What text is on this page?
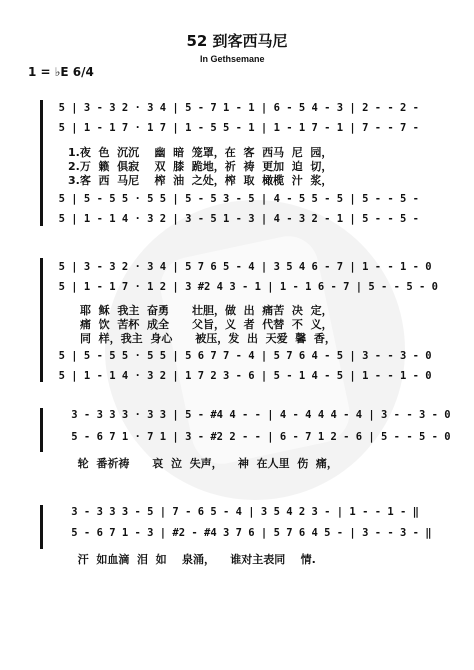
52 到客西马尼
In Gethsemane
1 = ♭E 6/4
5 | 3 - 3 2 · 3 4 | 5 - 7 1 - 1 | 6 - 5 4 - 3 | 2 - - 2 -
5 | 1 - 1 7 · 1 7 | 1 - 5 5 - 1 | 1 - 1 7 - 1 | 7 - - 7 -
1.夜  色  沉沉    幽  暗  笼罩，在  客  西马  尼  园，
2.万  籁  俱寂    双  膝  跪地，祈  祷  更加  迫  切，
3.客  西  马尼    榨  油  之处，榨  取  橄榄  汁  浆，
5 | 5 - 5 5 · 5 5 | 5 - 5 3 - 5 | 4 - 5 5 - 5 | 5 - - 5 -
5 | 1 - 1 4 · 3 2 | 3 - 5 1 - 3 | 4 - 3 2 - 1 | 5 - - 5 -
5 | 3 - 3 2 · 3 4 | 5 7 6 5 - 4 | 3 5 4 6 - 7 | 1 - - 1 - 0
5 | 1 - 1 7 · 1 2 | 3 #2 4 3 - 1 | 1 - 1 6 - 7 | 5 - - 5 - 0
耶  稣  我主  奋勇      壮胆，做  出  痛苦  决  定，
痛  饮  苦杯  成全      父旨，义  者  代替  不  义，
同  样，我主  身心      被压，发  出  天爱  馨  香，
5 | 5 - 5 5 · 5 5 | 5 6 7 7 - 4 | 5 7 6 4 - 5 | 3 - - 3 - 0
5 | 1 - 1 4 · 3 2 | 1 7 2 3 - 6 | 5 - 1 4 - 5 | 1 - - 1 - 0
3 - 3 3 3 · 3 3 | 5 - #4 4 - - | 4 - 4 4 4 - 4 | 3 - - 3 - 0
5 - 6 7 1 · 7 1 | 3 - #2 2 - - | 6 - 7 1 2 - 6 | 5 - - 5 - 0
轮  番祈祷      哀  泣  失声，    神  在人里  伤  痛，
3 - 3 3 3 - 5 | 7 - 6 5 - 4 | 3 5 4 2 3 - | 1 - - 1 - ‖
5 - 6 7 1 - 3 | #2 - #4 3 7 6 | 5 7 6 4 5 - | 3 - - 3 - ‖
汗  如血滴  泪  如    泉涌，    谁对主表同    情.
